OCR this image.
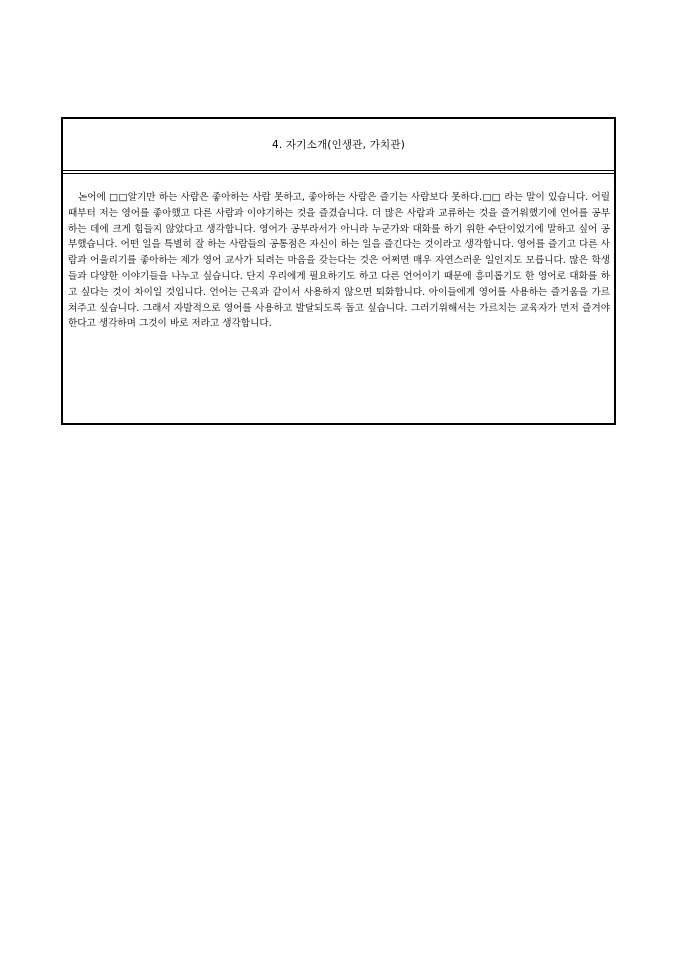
4. 자기소개(인생관, 가치관)

논어에 □□알기만 하는 사람은 좋아하는 사람 못하고, 좋아하는 사람은 즐기는 사람보다 못하다.□□ 라는 말이 있습니다. 어릴 때부터 저는 영어를 좋아했고 다른 사람과 이야기하는 것을 즐겼습니다. 더 많은 사람과 교류하는 것을 즐거워했기에 언어를 공부하는 데에 크게 힘들지 않았다고 생각합니다. 영어가 공부라서가 아니라 누군가와 대화를 하기 위한 수단이었기에 말하고 싶어 공부했습니다. 어떤 일을 특별히 잘 하는 사람들의 공통점은 자신이 하는 일을 즐긴다는 것이라고 생각합니다. 영어를 즐기고 다른 사람과 어울리기를 좋아하는 제가 영어 교사가 되려는 마음을 갖는다는 것은 어쩌면 매우 자연스러운 일인지도 모릅니다. 많은 학생들과 다양한 이야기들을 나누고 싶습니다. 단지 우리에게 필요하기도 하고 다른 언어이기 때문에 흥미롭기도 한 영어로 대화를 하고 싶다는 것이 차이일 것입니다. 언어는 근육과 같이서 사용하지 않으면 퇴화합니다. 아이들에게 영어를 사용하는 즐거움을 가르쳐주고 싶습니다. 그래서 자발적으로 영어를 사용하고 발달되도록 돕고 싶습니다. 그러기위해서는 가르치는 교육자가 먼저 즐겨야 한다고 생각하며 그것이 바로 저라고 생각합니다.
